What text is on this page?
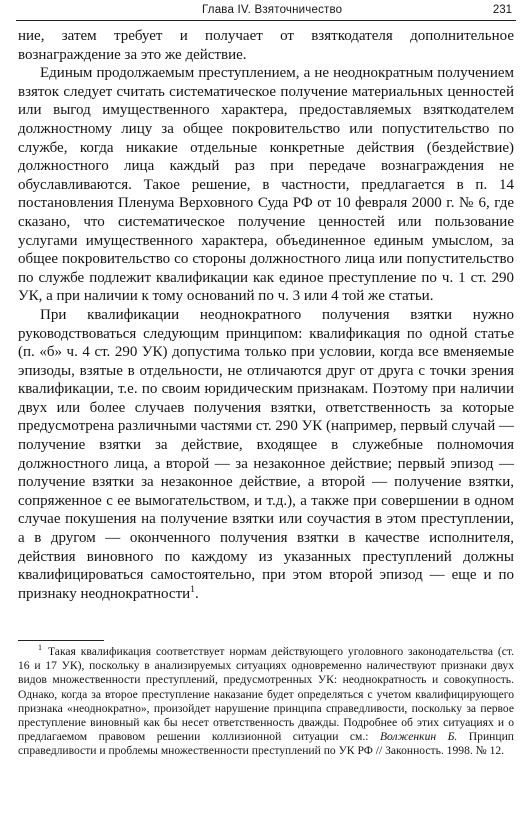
Глава IV. Взяточничество	231

ние, затем требует и получает от взяткодателя дополнительное вознаграждение за это же действие.

Единым продолжаемым преступлением, а не неоднократным получением взяток следует считать систематическое получение материальных ценностей или выгод имущественного характера, предоставляемых взяткодателем должностному лицу за общее покровительство или попустительство по службе, когда никакие отдельные конкретные действия (бездействие) должностного лица каждый раз при передаче вознаграждения не обуславливаются. Такое решение, в частности, предлагается в п. 14 постановления Пленума Верховного Суда РФ от 10 февраля 2000 г. № 6, где сказано, что систематическое получение ценностей или пользование услугами имущественного характера, объединенное единым умыслом, за общее покровительство со стороны должностного лица или попустительство по службе подлежит квалификации как единое преступление по ч. 1 ст. 290 УК, а при наличии к тому оснований по ч. 3 или 4 той же статьи.

При квалификации неоднократного получения взятки нужно руководствоваться следующим принципом: квалификация по одной статье (п. «б» ч. 4 ст. 290 УК) допустима только при условии, когда все вменяемые эпизоды, взятые в отдельности, не отличаются друг от друга с точки зрения квалификации, т.е. по своим юридическим признакам. Поэтому при наличии двух или более случаев получения взятки, ответственность за которые предусмотрена различными частями ст. 290 УК (например, первый случай — получение взятки за действие, входящее в служебные полномочия должностного лица, а второй — за незаконное действие; первый эпизод — получение взятки за незаконное действие, а второй — получение взятки, сопряженное с ее вымогательством, и т.д.), а также при совершении в одном случае покушения на получение взятки или соучастия в этом преступлении, а в другом — оконченного получения взятки в качестве исполнителя, действия виновного по каждому из указанных преступлений должны квалифицироваться самостоятельно, при этом второй эпизод — еще и по признаку неоднократности$^1$.

$^1$ Такая квалификация соответствует нормам действующего уголовного законодательства (ст. 16 и 17 УК), поскольку в анализируемых ситуациях одновременно наличествуют признаки двух видов множественности преступлений, предусмотренных УК: неоднократность и совокупность. Однако, когда за второе преступление наказание будет определяться с учетом квалифицирующего признака «неоднократно», произойдет нарушение принципа справедливости, поскольку за первое преступление виновный как бы несет ответственность дважды. Подробнее об этих ситуациях и о предлагаемом правовом решении коллизионной ситуации см.: Волженкин Б. Принцип справедливости и проблемы множественности преступлений по УК РФ // Законность. 1998. № 12.
